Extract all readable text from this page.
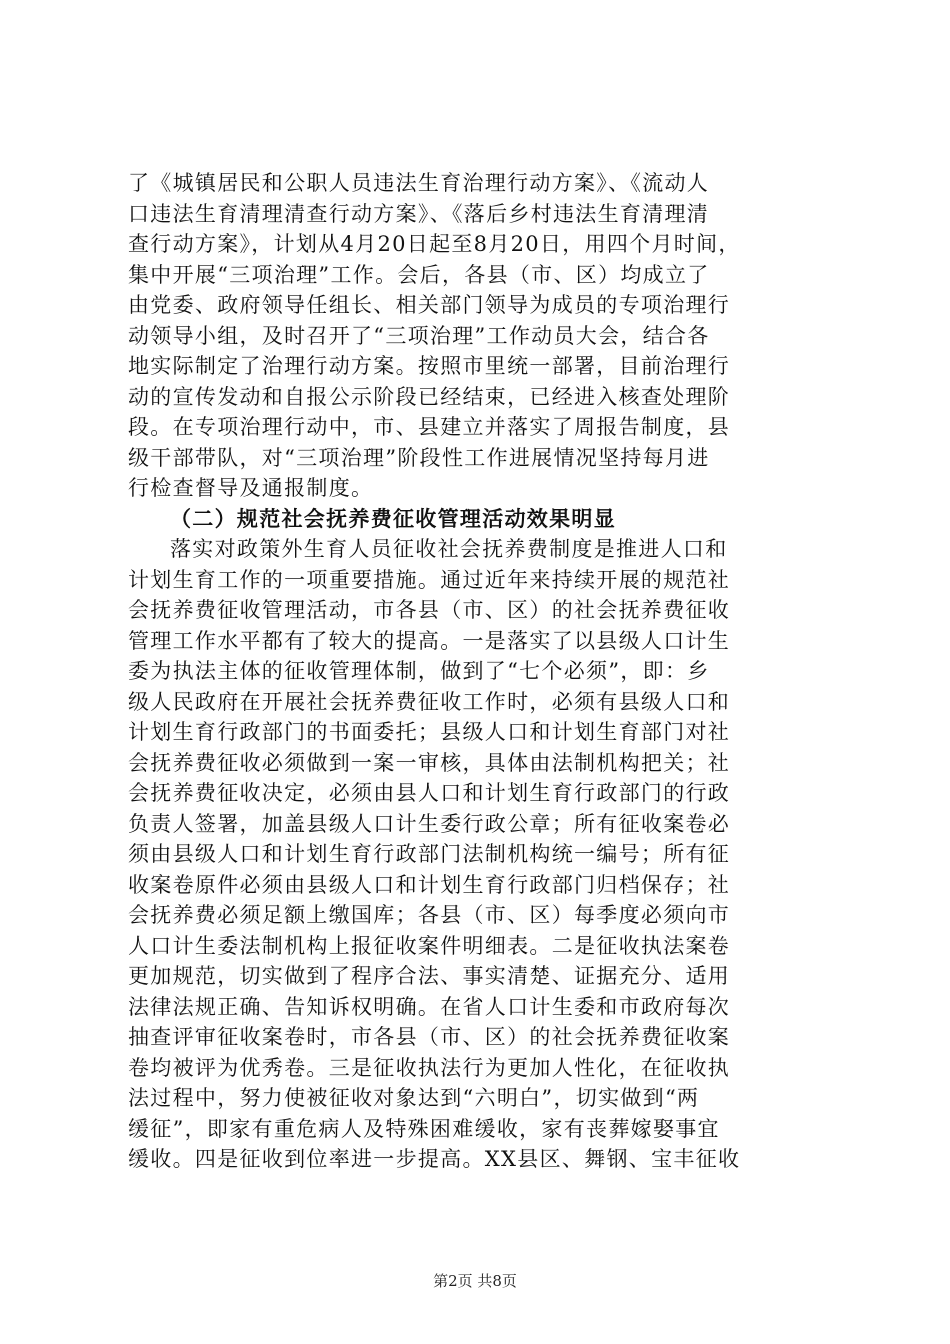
了《城镇居民和公职人员违法生育治理行动方案》、《流动人
口违法生育清理清查行动方案》、《落后乡村违法生育清理清
查行动方案》，计划从4月20日起至8月20日，用四个月时间，
集中开展“三项治理”工作。会后，各县（市、区）均成立了
由党委、政府领导任组长、相关部门领导为成员的专项治理行
动领导小组，及时召开了“三项治理”工作动员大会，结合各
地实际制定了治理行动方案。按照市里统一部署，目前治理行
动的宣传发动和自报公示阶段已经结束，已经进入核查处理阶
段。在专项治理行动中，市、县建立并落实了周报告制度，县
级干部带队，对“三项治理”阶段性工作进展情况坚持每月进
行检查督导及通报制度。
（二）规范社会抚养费征收管理活动效果明显
落实对政策外生育人员征收社会抚养费制度是推进人口和
计划生育工作的一项重要措施。通过近年来持续开展的规范社
会抚养费征收管理活动，市各县（市、区）的社会抚养费征收
管理工作水平都有了较大的提高。一是落实了以县级人口计生
委为执法主体的征收管理体制，做到了“七个必须”，即：乡
级人民政府在开展社会抚养费征收工作时，必须有县级人口和
计划生育行政部门的书面委托；县级人口和计划生育部门对社
会抚养费征收必须做到一案一审核，具体由法制机构把关；社
会抚养费征收决定，必须由县人口和计划生育行政部门的行政
负责人签署，加盖县级人口计生委行政公章；所有征收案卷必
须由县级人口和计划生育行政部门法制机构统一编号；所有征
收案卷原件必须由县级人口和计划生育行政部门归档保存；社
会抚养费必须足额上缴国库；各县（市、区）每季度必须向市
人口计生委法制机构上报征收案件明细表。二是征收执法案卷
更加规范，切实做到了程序合法、事实清楚、证据充分、适用
法律法规正确、告知诉权明确。在省人口计生委和市政府每次
抽查评审征收案卷时，市各县（市、区）的社会抚养费征收案
卷均被评为优秀卷。三是征收执法行为更加人性化，在征收执
法过程中，努力使被征收对象达到“六明白”，切实做到“两
缓征”，即家有重危病人及特殊困难缓收，家有丧葬嫁娶事宜
缓收。四是征收到位率进一步提高。XX县区、舞钢、宝丰征收
第2页 共8页
